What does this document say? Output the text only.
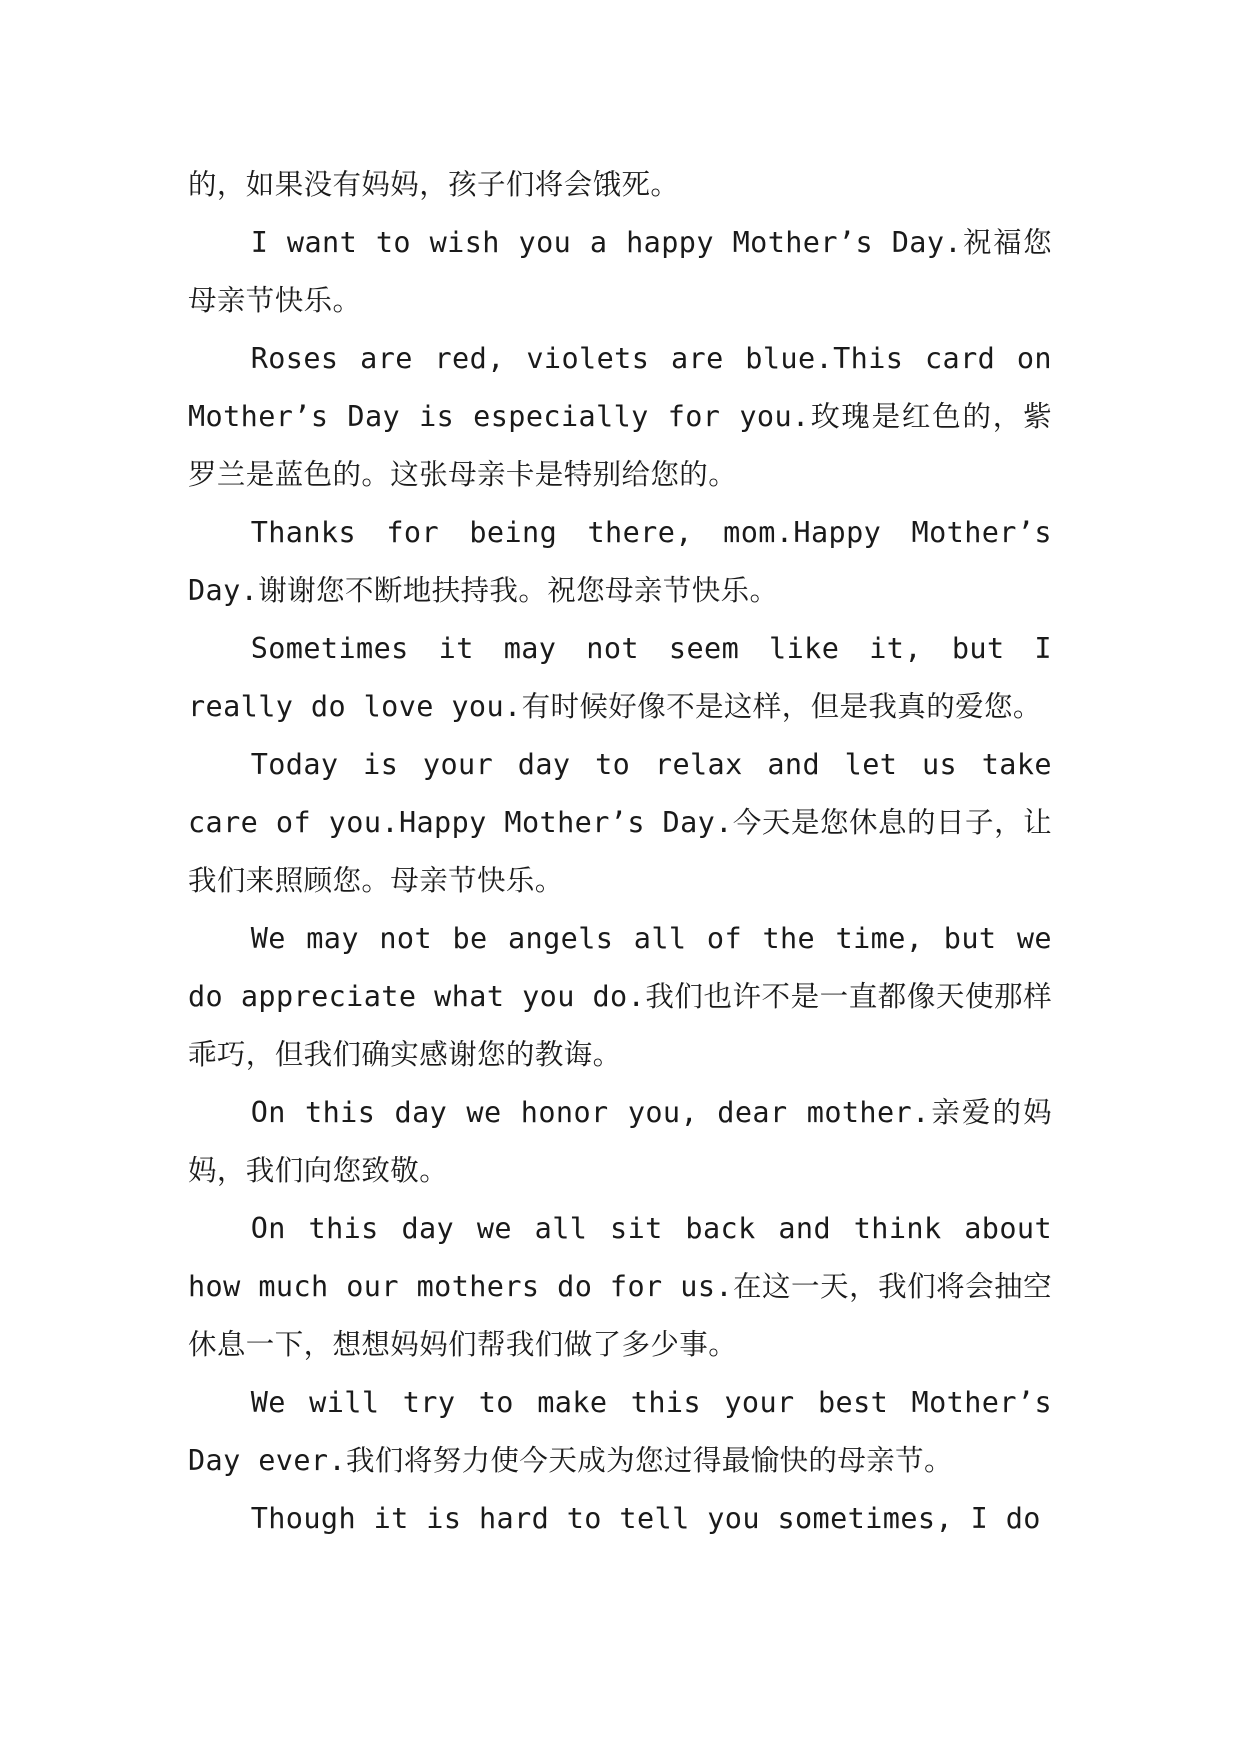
的，如果没有妈妈，孩子们将会饿死。

I want to wish you a happy Mother’s Day.祝福您母亲节快乐。

Roses are red, violets are blue.This card on Mother’s Day is especially for you.玫瑰是红色的，紫罗兰是蓝色的。这张母亲卡是特别给您的。

Thanks for being there, mom.Happy Mother’s Day.谢谢您不断地扶持我。祝您母亲节快乐。

Sometimes it may not seem like it, but I really do love you.有时候好像不是这样，但是我真的爱您。

Today is your day to relax and let us take care of you.Happy Mother’s Day.今天是您休息的日子，让我们来照顾您。母亲节快乐。

We may not be angels all of the time, but we do appreciate what you do.我们也许不是一直都像天使那样乖巧，但我们确实感谢您的教诲。

On this day we honor you, dear mother.亲爱的妈妈，我们向您致敬。

On this day we all sit back and think about how much our mothers do for us.在这一天，我们将会抽空休息一下，想想妈妈们帮我们做了多少事。

We will try to make this your best Mother’s Day ever.我们将努力使今天成为您过得最愉快的母亲节。

Though it is hard to tell you sometimes, I do
